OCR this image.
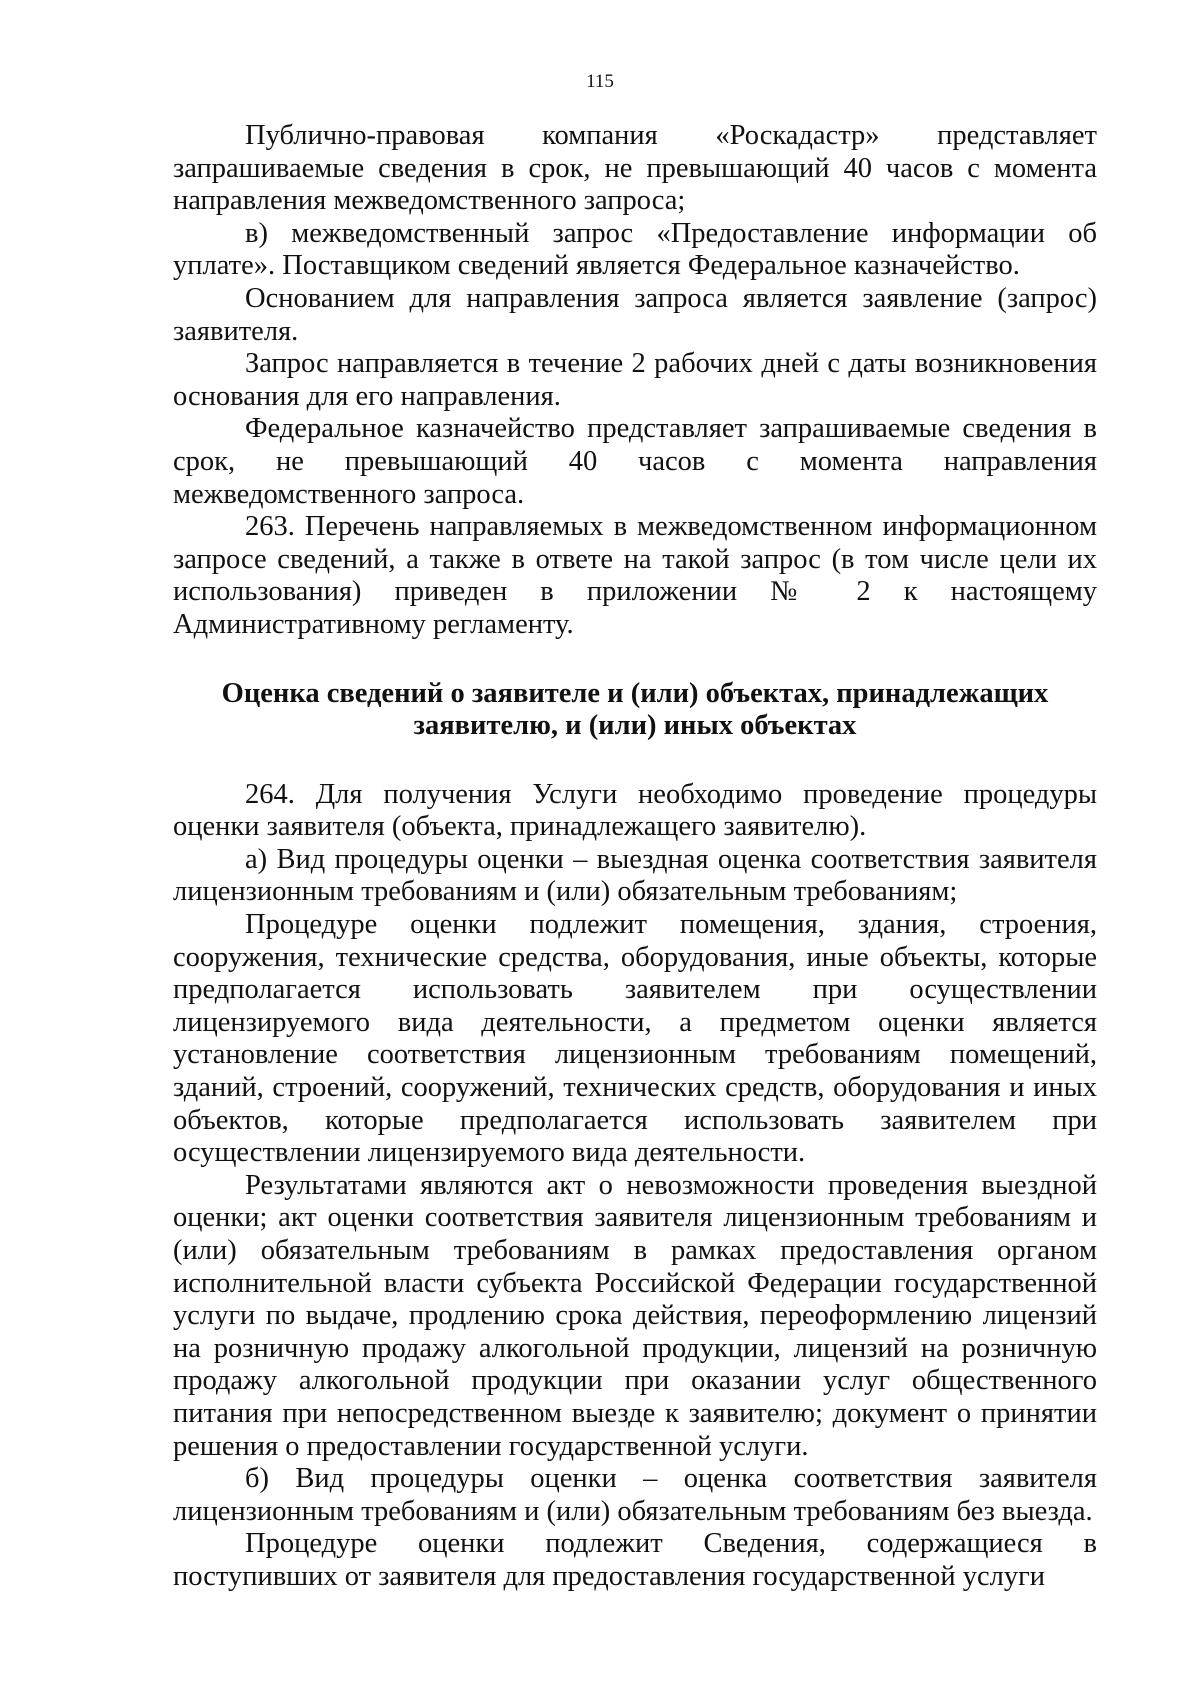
115

Публично-правовая компания «Роскадастр» представляет запрашиваемые сведения в срок, не превышающий 40 часов с момента направления межведомственного запроса;

в) межведомственный запрос «Предоставление информации об уплате». Поставщиком сведений является Федеральное казначейство.

Основанием для направления запроса является заявление (запрос) заявителя.

Запрос направляется в течение 2 рабочих дней с даты возникновения основания для его направления.

Федеральное казначейство представляет запрашиваемые сведения в срок, не превышающий 40 часов с момента направления межведомственного запроса.

263. Перечень направляемых в межведомственном информационном запросе сведений, а также в ответе на такой запрос (в том числе цели их использования) приведен в приложении № 2 к настоящему Административному регламенту.

Оценка сведений о заявителе и (или) объектах, принадлежащих
заявителю, и (или) иных объектах

264. Для получения Услуги необходимо проведение процедуры оценки заявителя (объекта, принадлежащего заявителю).

а) Вид процедуры оценки – выездная оценка соответствия заявителя лицензионным требованиям и (или) обязательным требованиям;

Процедуре оценки подлежит помещения, здания, строения, сооружения, технические средства, оборудования, иные объекты, которые предполагается использовать заявителем при осуществлении лицензируемого вида деятельности, а предметом оценки является установление соответствия лицензионным требованиям помещений, зданий, строений, сооружений, технических средств, оборудования и иных объектов, которые предполагается использовать заявителем при осуществлении лицензируемого вида деятельности.

Результатами являются акт о невозможности проведения выездной оценки; акт оценки соответствия заявителя лицензионным требованиям и (или) обязательным требованиям в рамках предоставления органом исполнительной власти субъекта Российской Федерации государственной услуги по выдаче, продлению срока действия, переоформлению лицензий на розничную продажу алкогольной продукции, лицензий на розничную продажу алкогольной продукции при оказании услуг общественного питания при непосредственном выезде к заявителю; документ о принятии решения о предоставлении государственной услуги.

б) Вид процедуры оценки – оценка соответствия заявителя лицензионным требованиям и (или) обязательным требованиям без выезда.

Процедуре оценки подлежит Сведения, содержащиеся в поступивших от заявителя для предоставления государственной услуги
